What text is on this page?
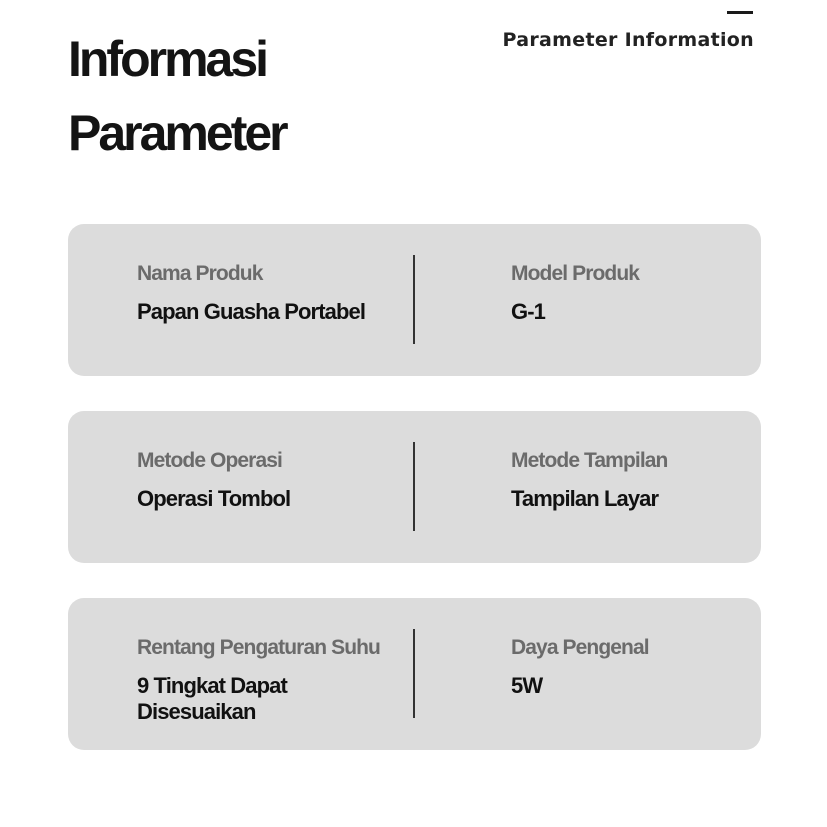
Informasi
Parameter
Parameter Information
Nama Produk
Papan Guasha Portabel
Model Produk
G-1
Metode Operasi
Operasi Tombol
Metode Tampilan
Tampilan Layar
Rentang Pengaturan Suhu
9 Tingkat Dapat
Disesuaikan
Daya Pengenal
5W
